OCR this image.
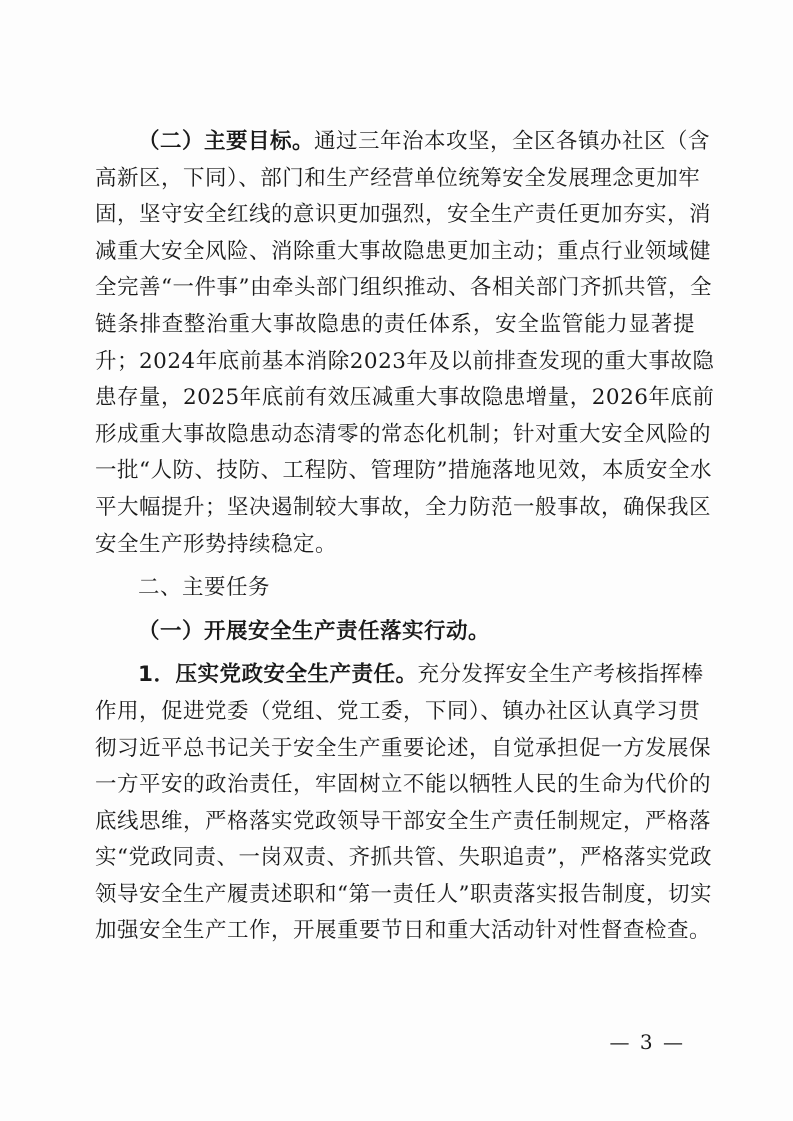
（二）主要目标。通过三年治本攻坚，全区各镇办社区（含
高新区，下同）、部门和生产经营单位统筹安全发展理念更加牢
固，坚守安全红线的意识更加强烈，安全生产责任更加夯实，消
减重大安全风险、消除重大事故隐患更加主动；重点行业领域健
全完善“一件事”由牵头部门组织推动、各相关部门齐抓共管，全
链条排查整治重大事故隐患的责任体系，安全监管能力显著提
升；2024年底前基本消除2023年及以前排查发现的重大事故隐
患存量，2025年底前有效压减重大事故隐患增量，2026年底前
形成重大事故隐患动态清零的常态化机制；针对重大安全风险的
一批“人防、技防、工程防、管理防”措施落地见效，本质安全水
平大幅提升；坚决遏制较大事故，全力防范一般事故，确保我区
安全生产形势持续稳定。
二、主要任务
（一）开展安全生产责任落实行动。
1．压实党政安全生产责任。充分发挥安全生产考核指挥棒
作用，促进党委（党组、党工委，下同）、镇办社区认真学习贯
彻习近平总书记关于安全生产重要论述，自觉承担促一方发展保
一方平安的政治责任，牢固树立不能以牺牲人民的生命为代价的
底线思维，严格落实党政领导干部安全生产责任制规定，严格落
实“党政同责、一岗双责、齐抓共管、失职追责”，严格落实党政
领导安全生产履责述职和“第一责任人”职责落实报告制度，切实
加强安全生产工作，开展重要节日和重大活动针对性督查检查。
— 3 —
